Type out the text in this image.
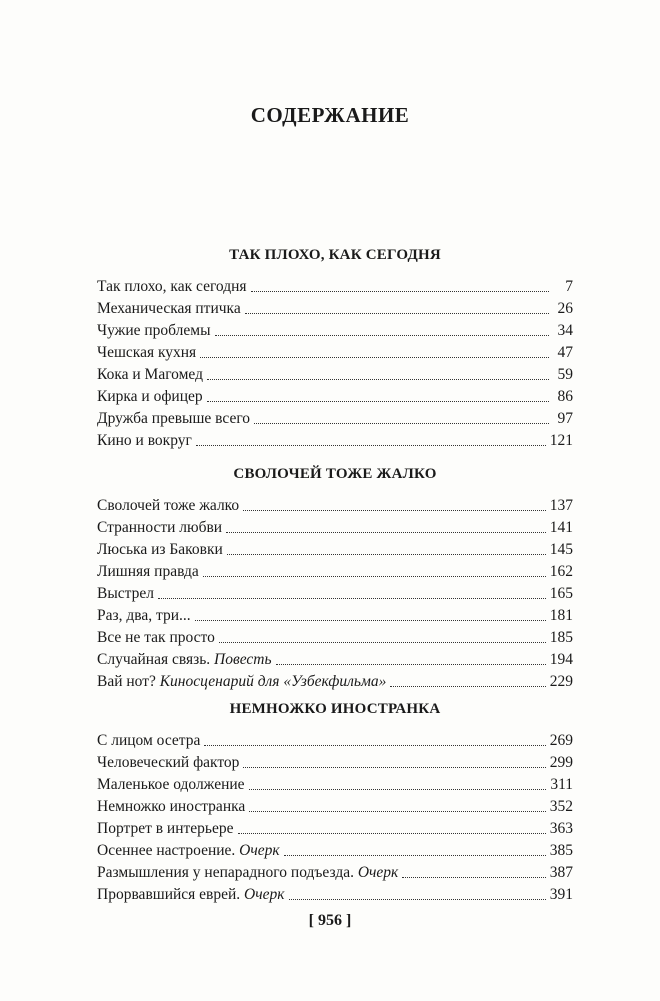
СОДЕРЖАНИЕ
ТАК ПЛОХО, КАК СЕГОДНЯ
Так плохо, как сегодня	7
Механическая птичка	26
Чужие проблемы	34
Чешская кухня	47
Кока и Магомед	59
Кирка и офицер	86
Дружба превыше всего	97
Кино и вокруг	121
СВОЛОЧЕЙ ТОЖЕ ЖАЛКО
Сволочей тоже жалко	137
Странности любви	141
Люська из Баковки	145
Лишняя правда	162
Выстрел	165
Раз, два, три...	181
Все не так просто	185
Случайная связь. Повесть	194
Вай нот? Киносценарий для «Узбекфильма»	229
НЕМНОЖКО ИНОСТРАНКА
С лицом осетра	269
Человеческий фактор	299
Маленькое одолжение	311
Немножко иностранка	352
Портрет в интерьере	363
Осеннее настроение. Очерк	385
Размышления у непарадного подъезда. Очерк	387
Прорвавшийся еврей. Очерк	391
[ 956 ]
